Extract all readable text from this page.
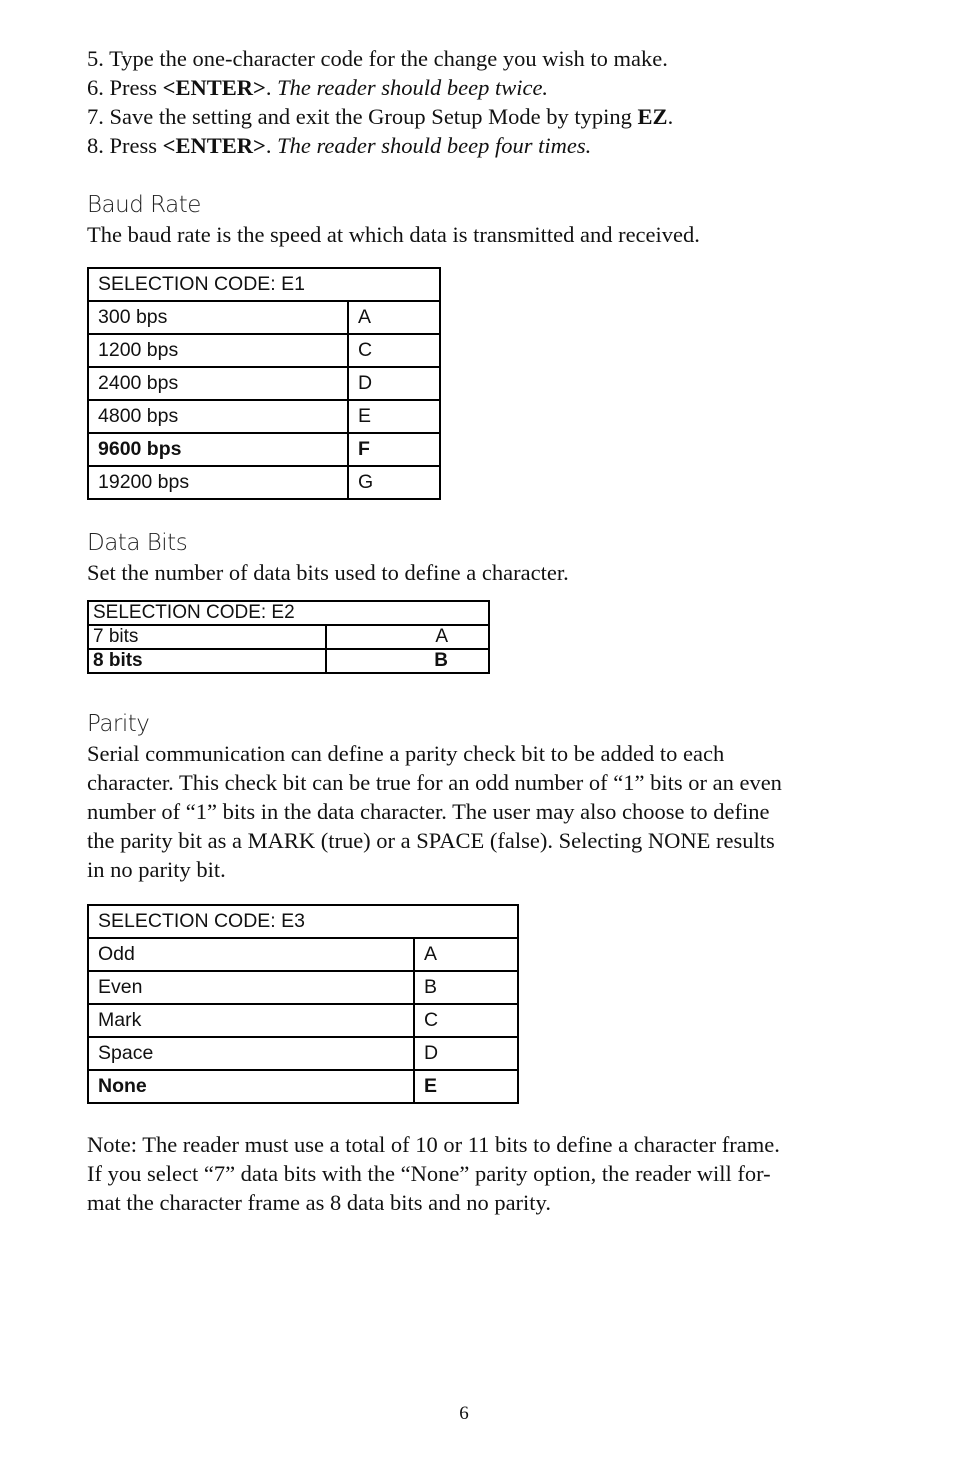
5. Type the one-character code for the change you wish to make.
6. Press <ENTER>. The reader should beep twice.
7. Save the setting and exit the Group Setup Mode by typing EZ.
8. Press <ENTER>. The reader should beep four times.
Baud Rate
The baud rate is the speed at which data is transmitted and received.
SELECTION CODE: E1	
300 bps	A
1200 bps	C
2400 bps	D
4800 bps	E
9600 bps	F
19200 bps	G
Data Bits
Set the number of data bits used to define a character.
SELECTION CODE: E2	
7 bits	A
8 bits	B
Parity
Serial communication can define a parity check bit to be added to each
character. This check bit can be true for an odd number of “1” bits or an even
number of “1” bits in the data character. The user may also choose to define
the parity bit as a MARK (true) or a SPACE (false). Selecting NONE results
in no parity bit.
SELECTION CODE: E3	
Odd	A
Even	B
Mark	C
Space	D
None	E
Note: The reader must use a total of 10 or 11 bits to define a character frame.
If you select “7” data bits with the “None” parity option, the reader will for-
mat the character frame as 8 data bits and no parity.
6
